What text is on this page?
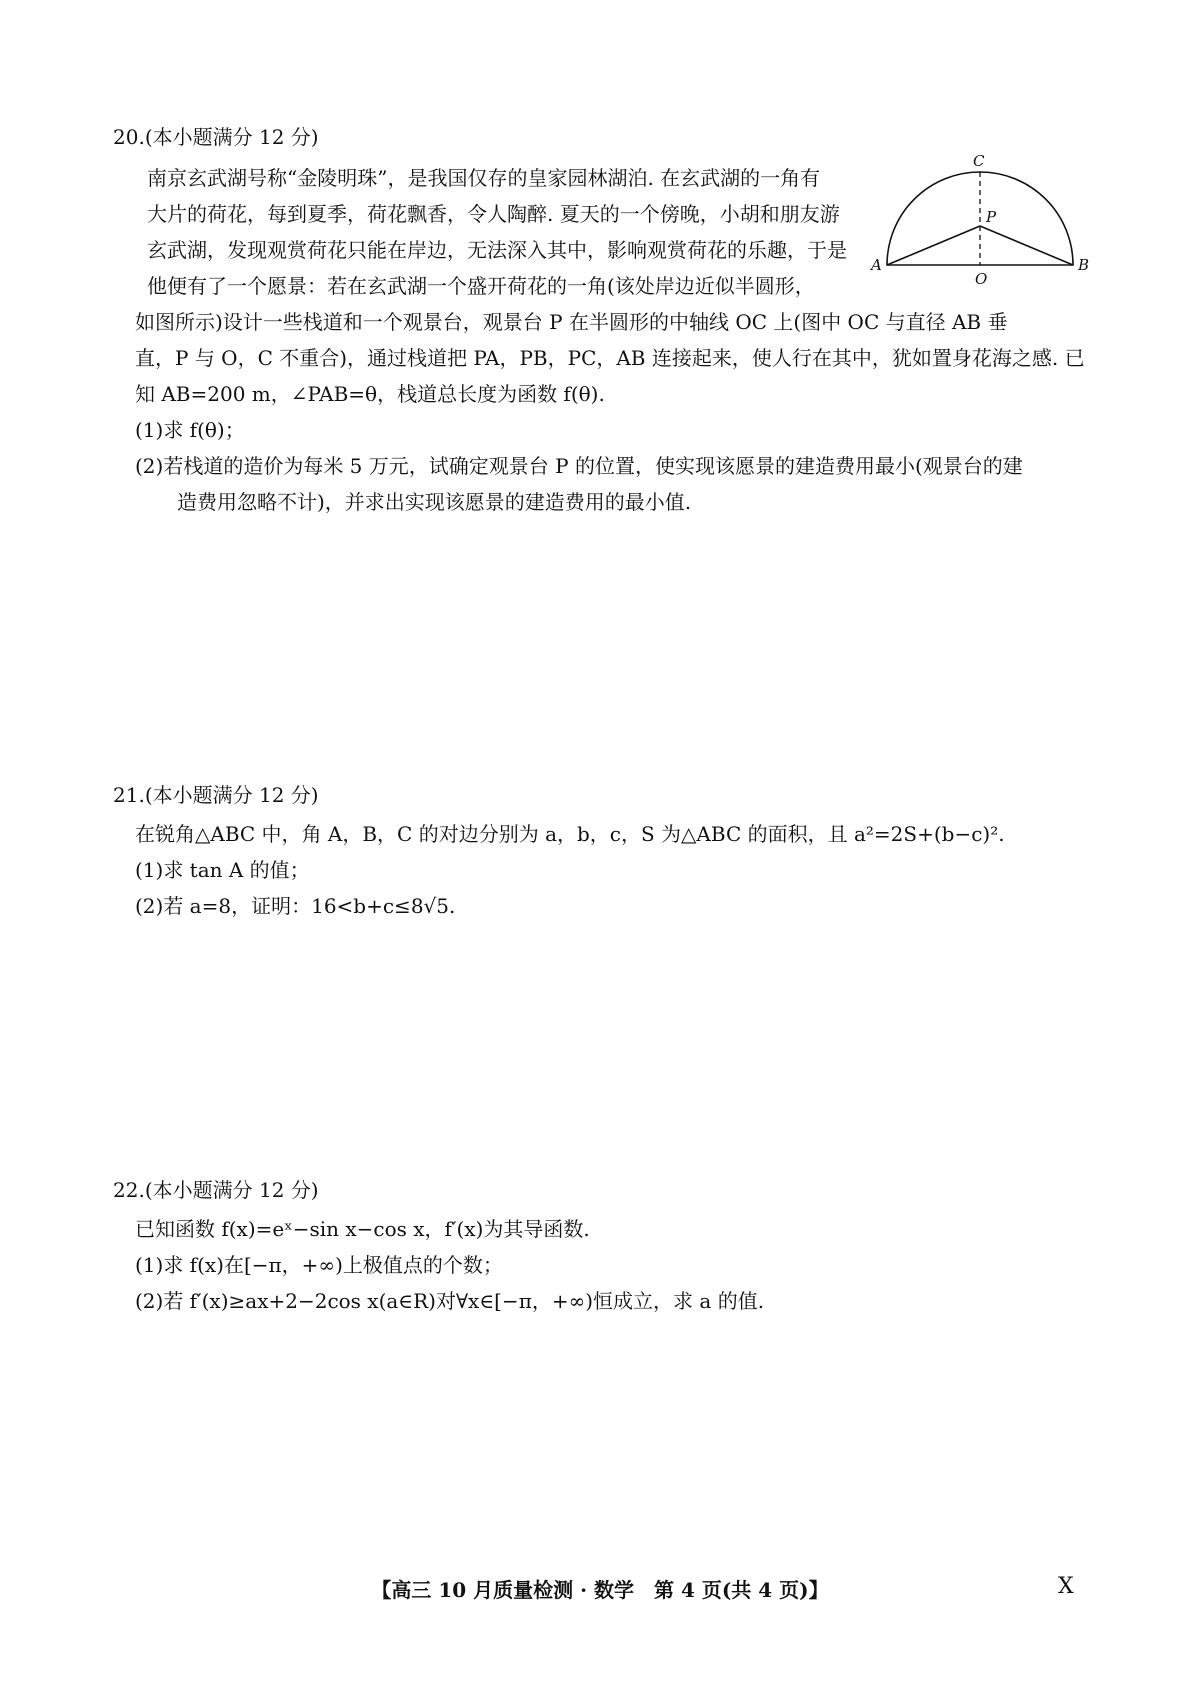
20.(本小题满分 12 分)
南京玄武湖号称“金陵明珠”，是我国仅存的皇家园林湖泊. 在玄武湖的一角有
大片的荷花，每到夏季，荷花飘香，令人陶醉. 夏天的一个傍晚，小胡和朋友游
玄武湖，发现观赏荷花只能在岸边，无法深入其中，影响观赏荷花的乐趣，于是
他便有了一个愿景：若在玄武湖一个盛开荷花的一角(该处岸边近似半圆形，
如图所示)设计一些栈道和一个观景台，观景台 P 在半圆形的中轴线 OC 上(图中 OC 与直径 AB 垂
直，P 与 O，C 不重合)，通过栈道把 PA，PB，PC，AB 连接起来，使人行在其中，犹如置身花海之感. 已
知 AB=200 m，∠PAB=θ，栈道总长度为函数 f(θ).
(1)求 f(θ)；
(2)若栈道的造价为每米 5 万元，试确定观景台 P 的位置，使实现该愿景的建造费用最小(观景台的建
造费用忽略不计)，并求出实现该愿景的建造费用的最小值.
C
P
A	B
O
21.(本小题满分 12 分)
在锐角△ABC 中，角 A，B，C 的对边分别为 a，b，c，S 为△ABC 的面积，且 a²=2S+(b−c)².
(1)求 tan A 的值；
(2)若 a=8，证明：16<b+c≤8√5.
22.(本小题满分 12 分)
已知函数 f(x)=eˣ−sin x−cos x，f′(x)为其导函数.
(1)求 f(x)在[−π，+∞)上极值点的个数；
(2)若 f′(x)≥ax+2−2cos x(a∈R)对∀x∈[−π，+∞)恒成立，求 a 的值.
【高三 10 月质量检测 · 数学　第 4 页(共 4 页)】	X
